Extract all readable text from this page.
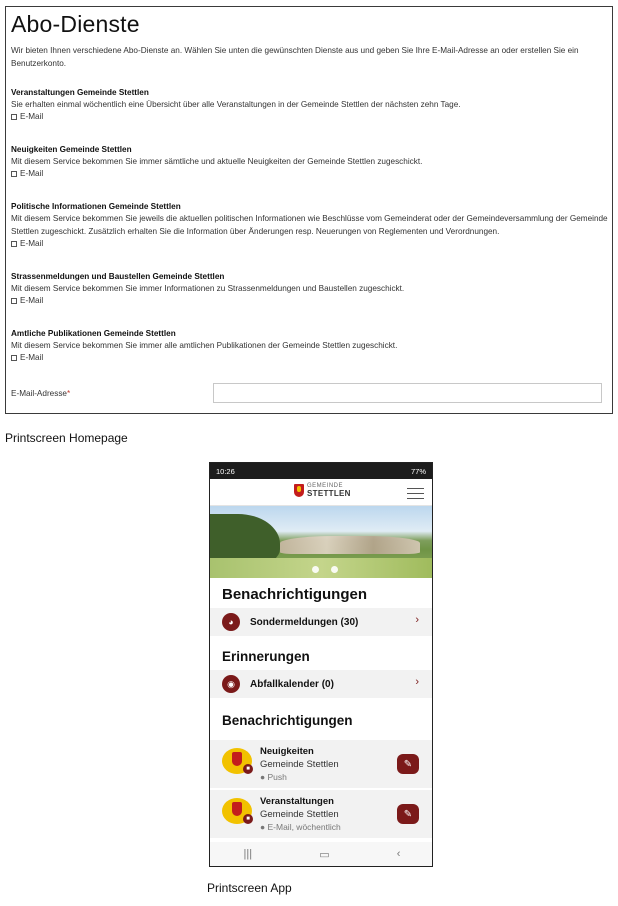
Abo-Dienste
Wir bieten Ihnen verschiedene Abo-Dienste an. Wählen Sie unten die gewünschten Dienste aus und geben Sie Ihre E-Mail-Adresse an oder erstellen Sie ein Benutzerkonto.
Veranstaltungen Gemeinde Stettlen
Sie erhalten einmal wöchentlich eine Übersicht über alle Veranstaltungen in der Gemeinde Stettlen der nächsten zehn Tage.
E-Mail
Neuigkeiten Gemeinde Stettlen
Mit diesem Service bekommen Sie immer sämtliche und aktuelle Neuigkeiten der Gemeinde Stettlen zugeschickt.
E-Mail
Politische Informationen Gemeinde Stettlen
Mit diesem Service bekommen Sie jeweils die aktuellen politischen Informationen wie Beschlüsse vom Gemeinderat oder der Gemeindeversammlung der Gemeinde Stettlen zugeschickt. Zusätzlich erhalten Sie die Information über Änderungen resp. Neuerungen von Reglementen und Verordnungen.
E-Mail
Strassenmeldungen und Baustellen Gemeinde Stettlen
Mit diesem Service bekommen Sie immer Informationen zu Strassenmeldungen und Baustellen zugeschickt.
E-Mail
Amtliche Publikationen Gemeinde Stettlen
Mit diesem Service bekommen Sie immer alle amtlichen Publikationen der Gemeinde Stettlen zugeschickt.
E-Mail
E-Mail-Adresse*
Printscreen Homepage
10:26	77%
GEMEINDE
STETTLEN
Benachrichtigungen
◕	Sondermeldungen (30)	›
Erinnerungen
◉	Abfallkalender (0)	›
Benachrichtigungen
■
Neuigkeiten
Gemeinde Stettlen
● Push
✎
■
Veranstaltungen
Gemeinde Stettlen
● E-Mail, wöchentlich
✎
|||	▭	‹
Printscreen App
